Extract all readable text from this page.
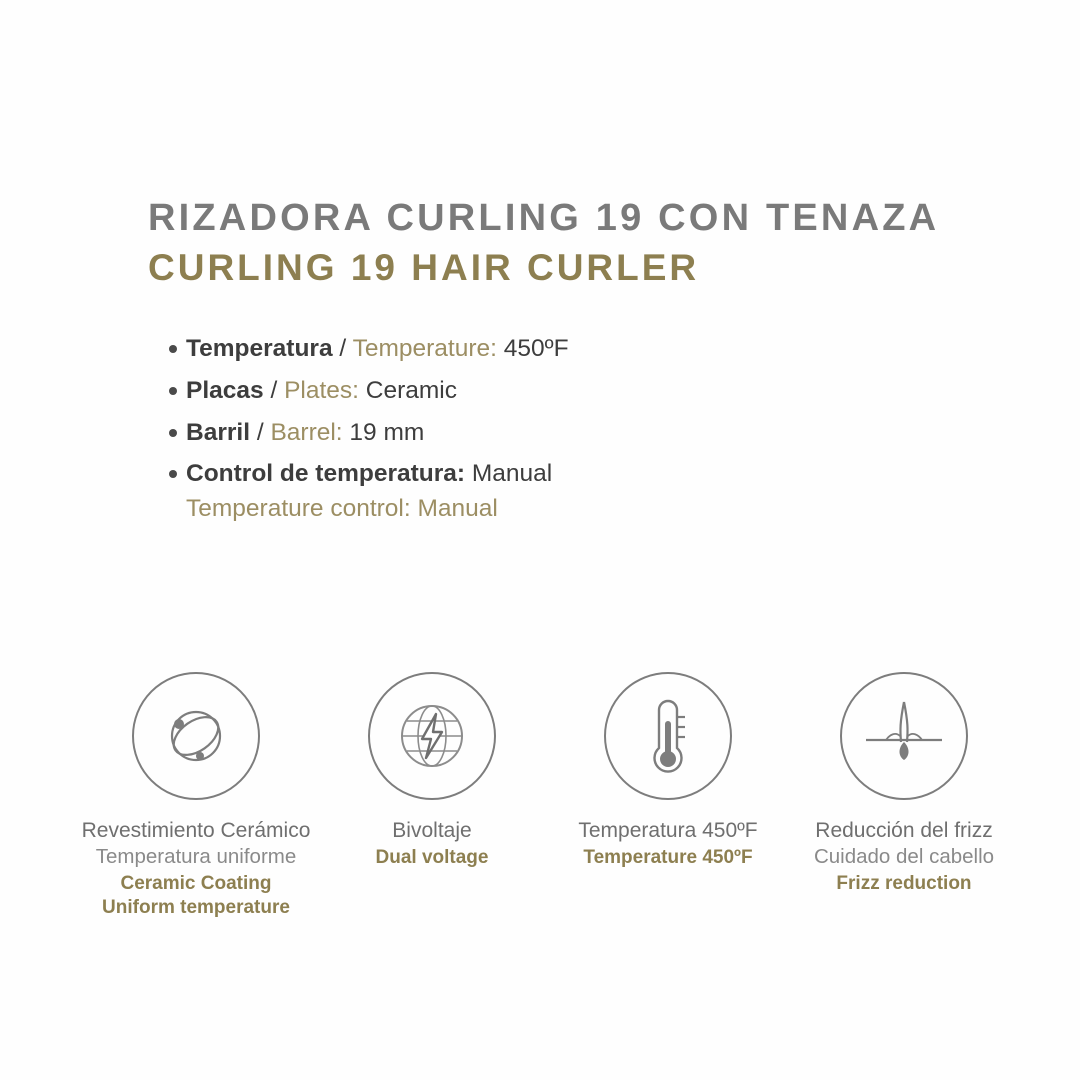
RIZADORA CURLING 19 CON TENAZA
CURLING 19 HAIR CURLER
Temperatura / Temperature: 450ºF
Placas / Plates: Ceramic
Barril / Barrel: 19 mm
Control de temperatura: Manual
Temperature control: Manual
Revestimiento Cerámico
Temperatura uniforme
Ceramic Coating
Uniform temperature
Bivoltaje
Dual voltage
Temperatura 450ºF
Temperature 450ºF
Reducción del frizz
Cuidado del cabello
Frizz reduction
